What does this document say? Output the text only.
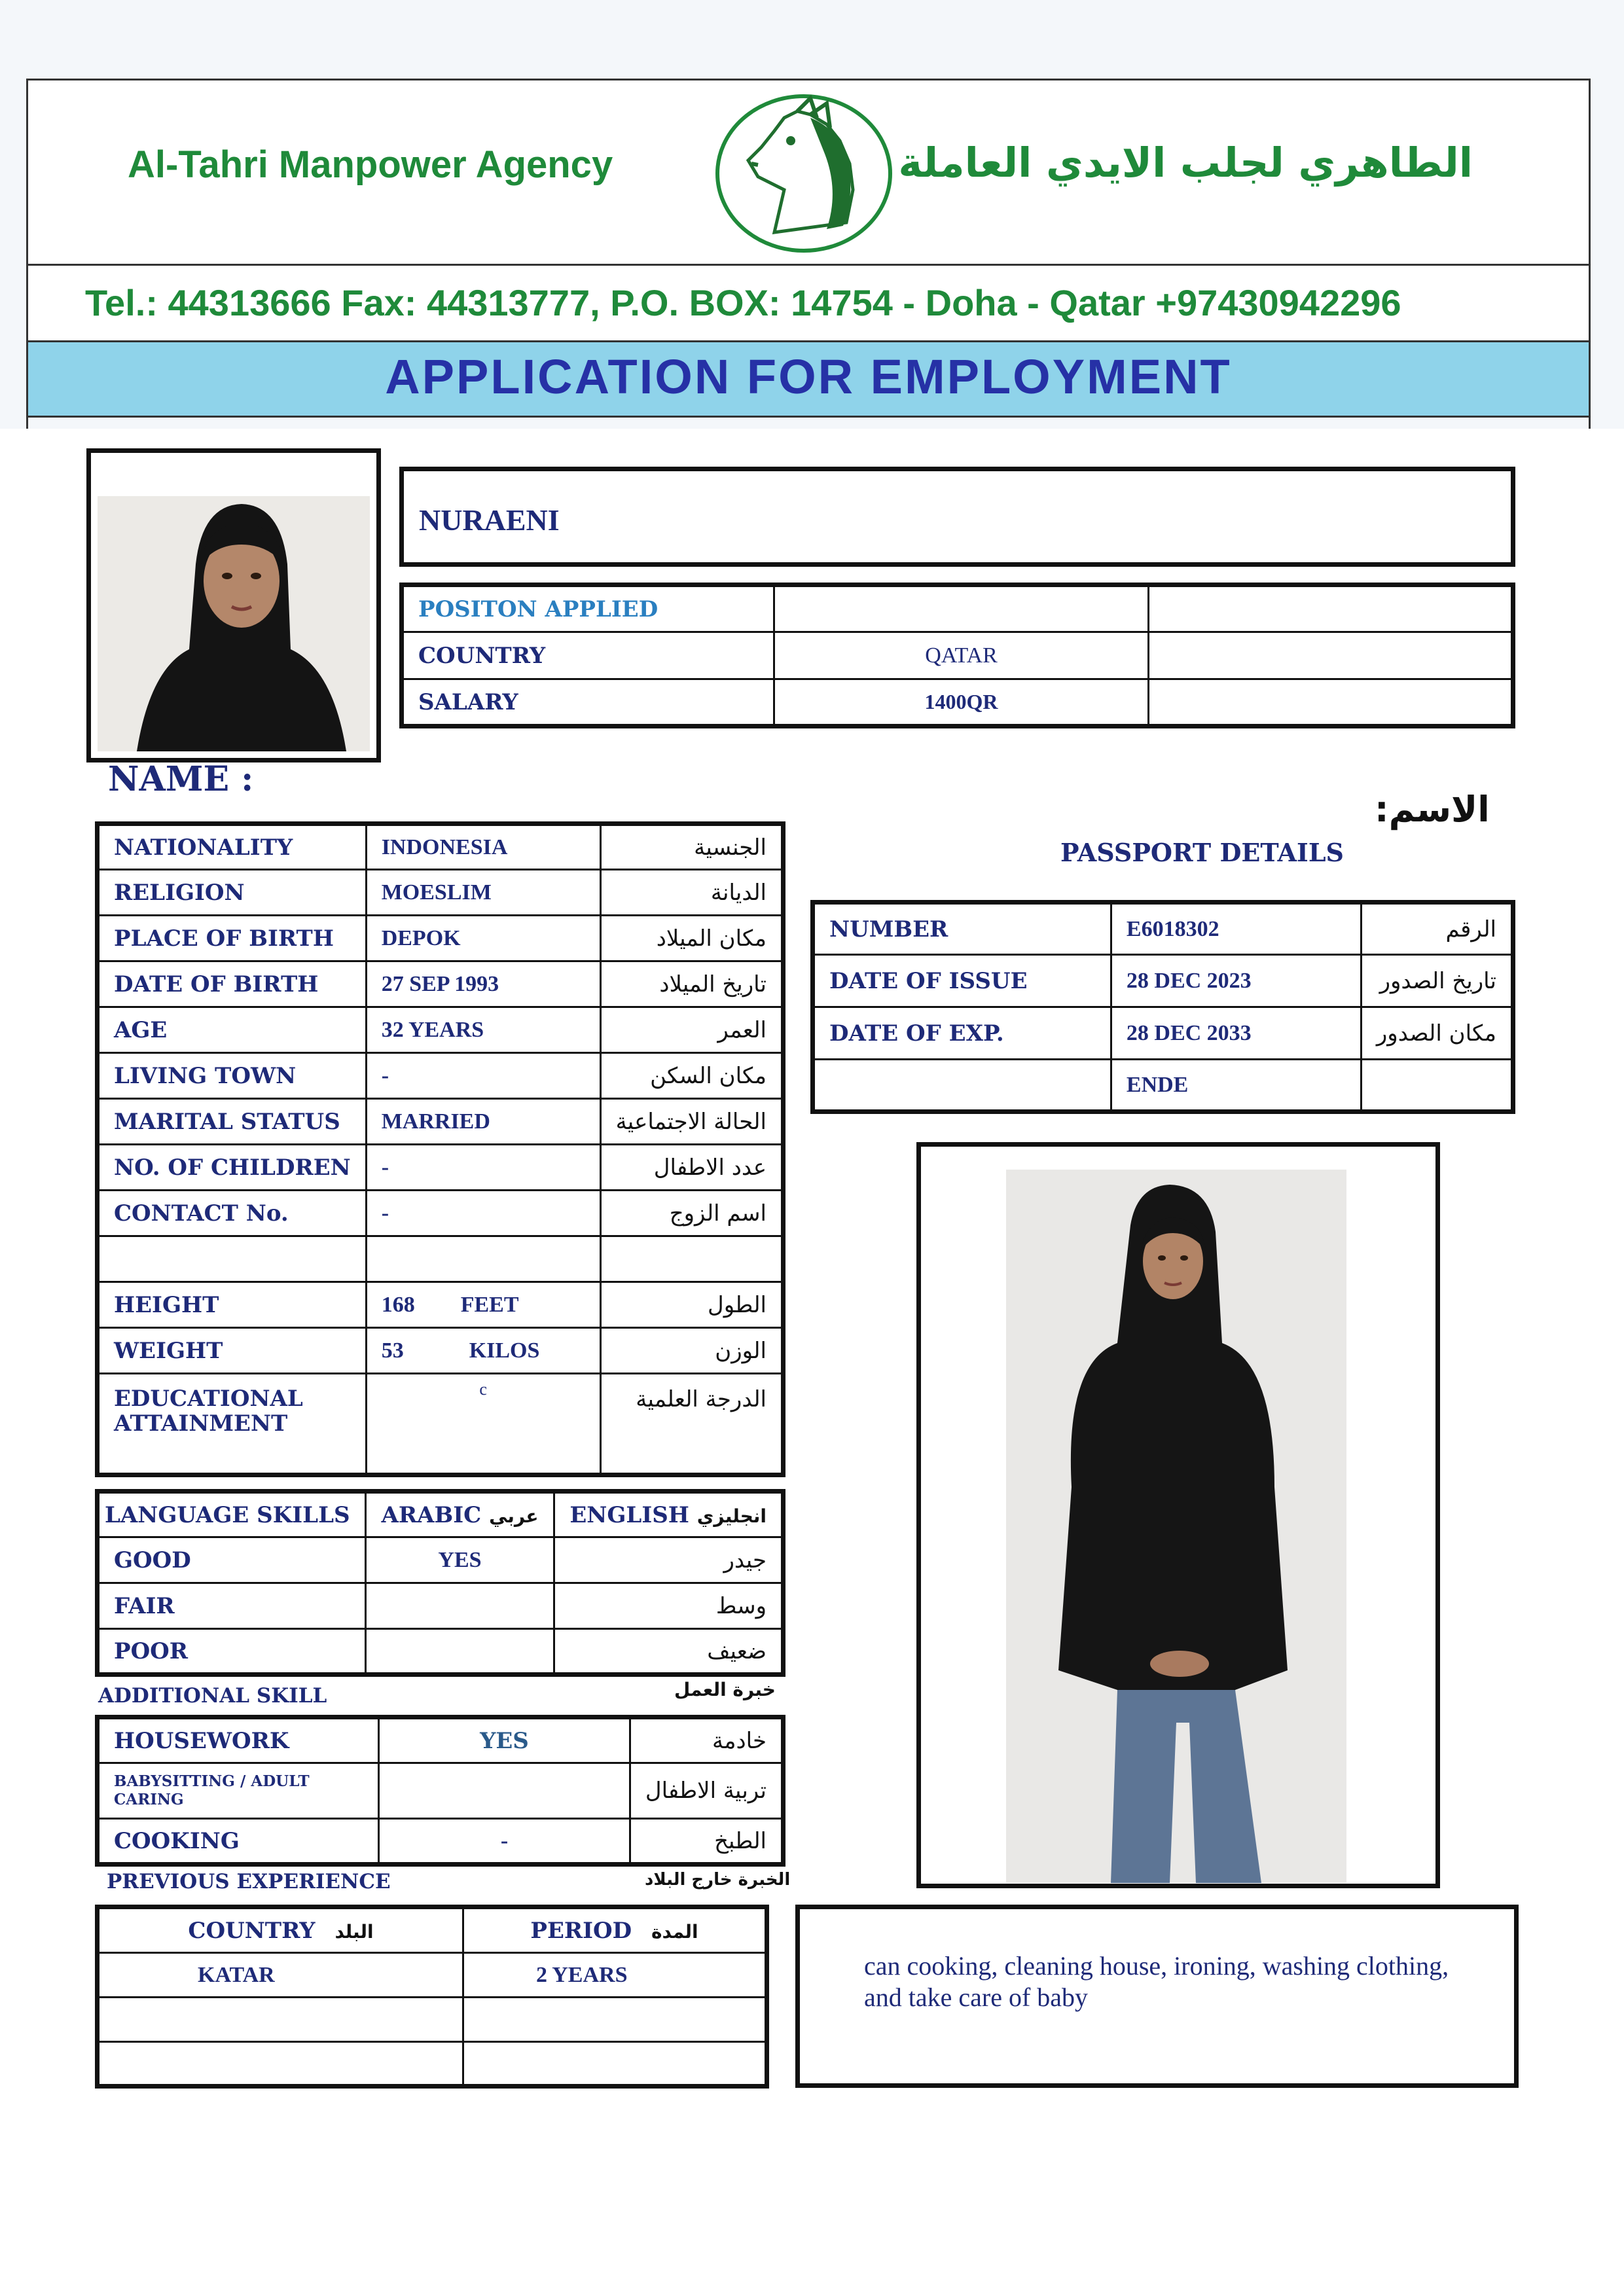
Al-Tahri Manpower Agency	الطاهري لجلب الايدي العاملة
Tel.: 44313666 Fax: 44313777, P.O. BOX: 14754 - Doha - Qatar +97430942296
APPLICATION FOR EMPLOYMENT
NURAENI
POSITON APPLIED		
COUNTRY	QATAR	
SALARY	1400QR	
NAME :
الاسم:
NATIONALITY	INDONESIA	الجنسية
RELIGION	MOESLIM	الديانة
PLACE OF BIRTH	DEPOK	مكان الميلاد
DATE OF BIRTH	27 SEP 1993	تاريخ الميلاد
AGE	32 YEARS	العمر
LIVING TOWN	-	مكان السكن
MARITAL STATUS	MARRIED	الحالة الاجتماعية
NO. OF CHILDREN	-	عدد الاطفال
CONTACT No.	-	اسم الزوج

HEIGHT	168 FEET	الطول
WEIGHT	53 KILOS	الوزن

EDUCATIONAL
ATTAINMENT	c	الدرجة العلمية
PASSPORT DETAILS
NUMBER	E6018302	الرقم
DATE OF ISSUE	28 DEC 2023	تاريخ الصدور
DATE OF EXP.	28 DEC 2033	مكان الصدور
	ENDE	
LANGUAGE SKILLS	ARABIC عربي	ENGLISH انجليزي
GOOD	YES	جيدر
FAIR		وسط
POOR		ضعيف
ADDITIONAL SKILL	خبرة العمل
HOUSEWORK	YES	خادمة

BABYSITTING / ADULT
CARING		تربية الاطفال
COOKING	-	الطبخ
PREVIOUS EXPERIENCE	الخبرة خارج البلاد
COUNTRY البلد	PERIOD المدة
KATAR	2 YEARS

		can cooking, cleaning house, ironing, washing clothing, and take care of baby
